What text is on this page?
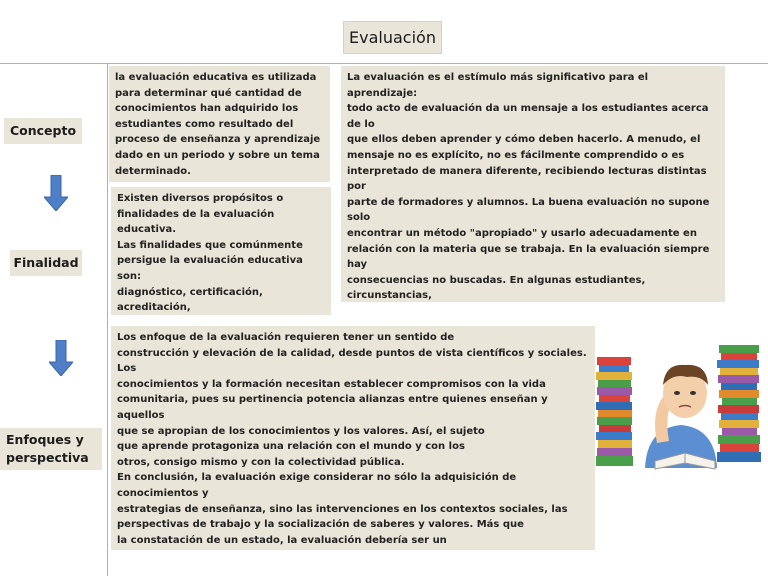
Evaluación
Concepto
Finalidad
Enfoques y
perspectiva
la evaluación educativa es utilizada
para determinar qué cantidad de
conocimientos han adquirido los
estudiantes como resultado del
proceso de enseñanza y aprendizaje
dado en un periodo y sobre un tema
determinado.
Existen diversos propósitos o
finalidades de la evaluación educativa.
Las finalidades que comúnmente
persigue la evaluación educativa son:
diagnóstico, certificación, acreditación,

La evaluación es el estímulo más significativo para el aprendizaje:
todo acto de evaluación da un mensaje a los estudiantes acerca de lo
que ellos deben aprender y cómo deben hacerlo. A menudo, el
mensaje no es explícito, no es fácilmente comprendido o es
interpretado de manera diferente, recibiendo lecturas distintas por
parte de formadores y alumnos. La buena evaluación no supone solo
encontrar un método "apropiado" y usarlo adecuadamente en
relación con la materia que se trabaja. En la evaluación siempre hay
consecuencias no buscadas. En algunas estudiantes, circunstancias,

Los enfoque de la evaluación requieren tener un sentido de
construcción y elevación de la calidad, desde puntos de vista científicos y sociales. Los
conocimientos y la formación necesitan establecer compromisos con la vida
comunitaria, pues su pertinencia potencia alianzas entre quienes enseñan y aquellos
que se apropian de los conocimientos y los valores. Así, el sujeto
que aprende protagoniza una relación con el mundo y con los
otros, consigo mismo y con la colectividad pública.
En conclusión, la evaluación exige considerar no sólo la adquisición de conocimientos y
estrategias de enseñanza, sino las intervenciones en los contextos sociales, las
perspectivas de trabajo y la socialización de saberes y valores. Más que
la constatación de un estado, la evaluación debería ser un
